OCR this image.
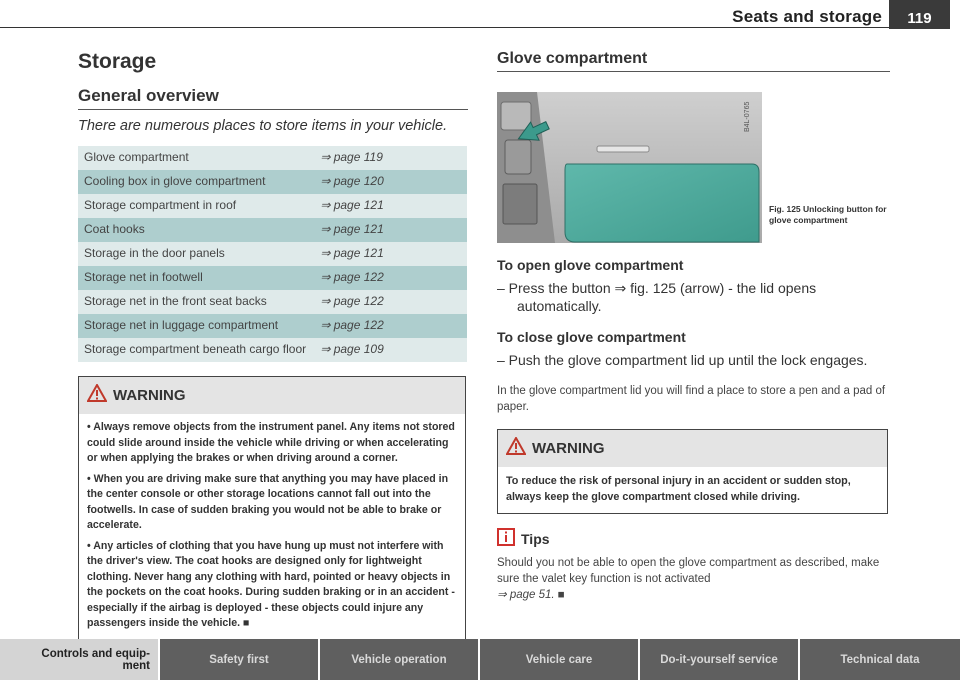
Seats and storage	119
Storage
General overview
There are numerous places to store items in your vehicle.
Glove compartment	⇒ page 119
Cooling box in glove compartment	⇒ page 120
Storage compartment in roof	⇒ page 121
Coat hooks	⇒ page 121
Storage in the door panels	⇒ page 121
Storage net in footwell	⇒ page 122
Storage net in the front seat backs	⇒ page 122
Storage net in luggage compartment	⇒ page 122
Storage compartment beneath cargo floor	⇒ page 109
WARNING

• Always remove objects from the instrument panel. Any items not stored could slide around inside the vehicle while driving or when accelerating or when applying the brakes or when driving around a corner.

• When you are driving make sure that anything you may have placed in the center console or other storage locations cannot fall out into the footwells. In case of sudden braking you would not be able to brake or accelerate.

• Any articles of clothing that you have hung up must not interfere with the driver's view. The coat hooks are designed only for lightweight clothing. Never hang any clothing with hard, pointed or heavy objects in the pockets on the coat hooks. During sudden braking or in an accident - especially if the airbag is deployed - these objects could injure any passengers inside the vehicle. ■

Glove compartment
B4L-0765
Fig. 125 Unlocking button for glove compartment
To open glove compartment
– Press the button ⇒ fig. 125 (arrow) - the lid opens automatically.
To close glove compartment
– Push the glove compartment lid up until the lock engages.
In the glove compartment lid you will find a place to store a pen and a pad of paper.
WARNING
To reduce the risk of personal injury in an accident or sudden stop, always keep the glove compartment closed while driving.
Tips
Should you not be able to open the glove compartment as described, make sure the valet key function is not activated
⇒ page 51. ■
Controls and equip-
ment	Safety first	Vehicle operation	Vehicle care	Do-it-yourself service	Technical data
